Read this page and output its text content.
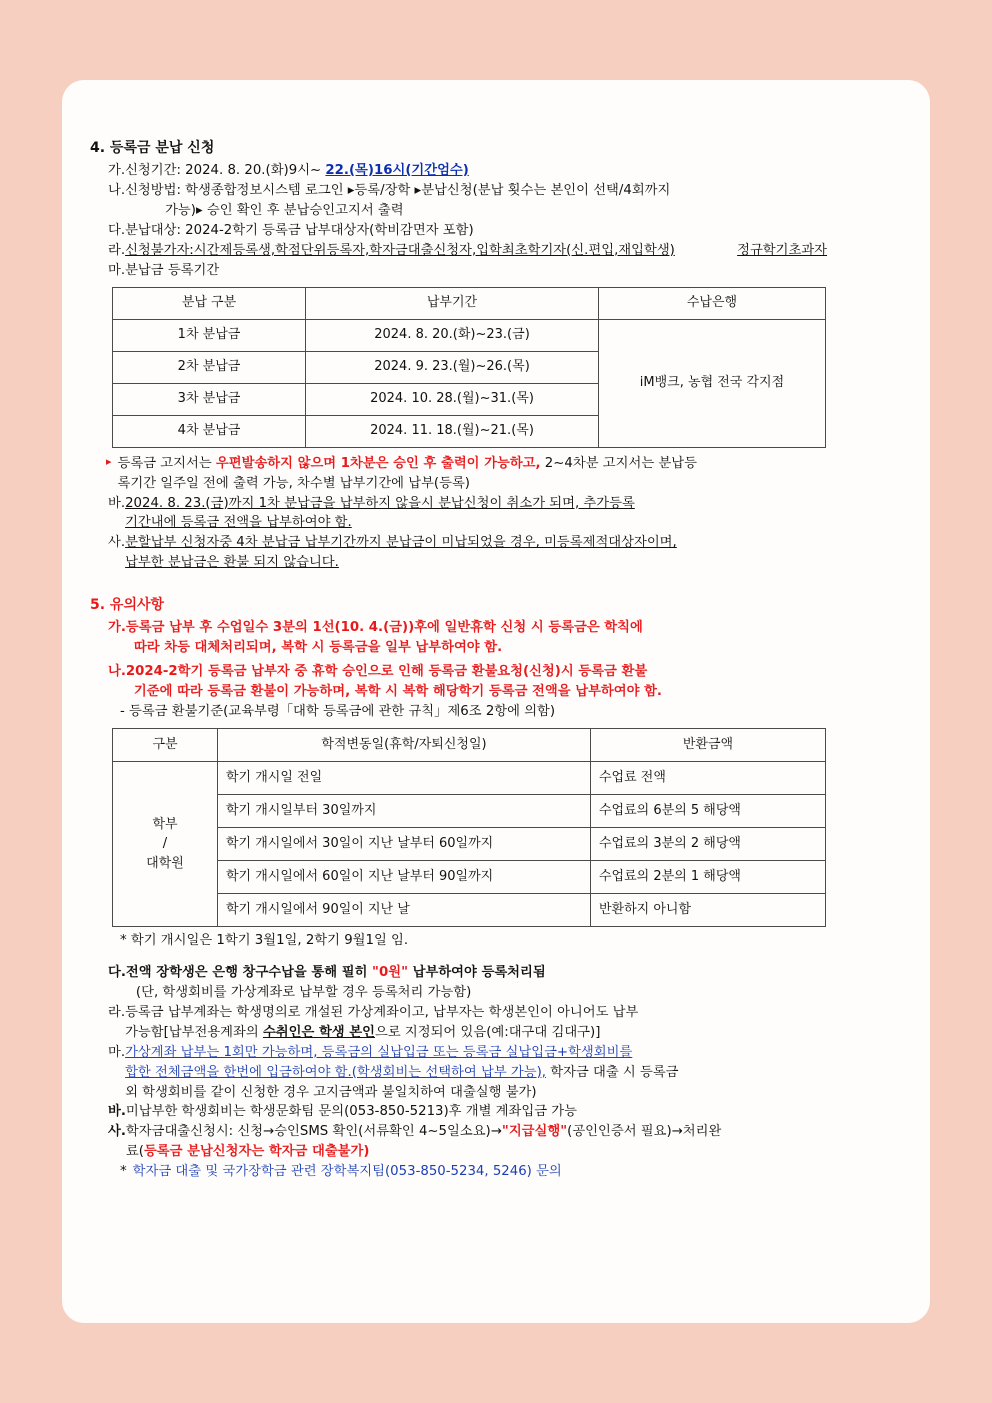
4. 등록금 분납 신청
가. 신청기간: 2024. 8. 20.(화)9시~ 22.(목)16시(기간엄수)
나. 신청방법: 학생종합정보시스템 로그인 ▸등록/장학 ▸분납신청(분납 횟수는 본인이 선택/4회까지
가능)▸ 승인 확인 후 분납승인고지서 출력
다. 분납대상: 2024-2학기 등록금 납부대상자(학비감면자 포함)
라. 신청불가자:시간제등록생,학점단위등록자,학자금대출신청자,입학최초학기자(신.편입,재입학생)	정규학기초과자
마. 분납금 등록기간
분납 구분	납부기간	수납은행
1차 분납금	2024. 8. 20.(화)~23.(금)	iM뱅크, 농협 전국 각지점
2차 분납금	2024. 9. 23.(월)~26.(목)	
3차 분납금	2024. 10. 28.(월)~31.(목)	
4차 분납금	2024. 11. 18.(월)~21.(목)	
▸ 등록금 고지서는 우편발송하지 않으며 1차분은 승인 후 출력이 가능하고, 2~4차분 고지서는 분납등
록기간 일주일 전에 출력 가능, 차수별 납부기간에 납부(등록)
바. 2024. 8. 23.(금)까지 1차 분납금을 납부하지 않을시 분납신청이 취소가 되며, 추가등록
기간내에 등록금 전액을 납부하여야 함.
사. 분할납부 신청자중 4차 분납금 납부기간까지 분납금이 미납되었을 경우, 미등록제적대상자이며,
납부한 분납금은 환불 되지 않습니다.
5. 유의사항
가. 등록금 납부 후 수업일수 3분의 1선(10. 4.(금))후에 일반휴학 신청 시 등록금은 학칙에
따라 차등 대체처리되며, 복학 시 등록금을 일부 납부하여야 함.
나. 2024-2학기 등록금 납부자 중 휴학 승인으로 인해 등록금 환불요청(신청)시 등록금 환불
기준에 따라 등록금 환불이 가능하며, 복학 시 복학 해당학기 등록금 전액을 납부하여야 함.
- 등록금 환불기준(교육부령「대학 등록금에 관한 규칙」제6조 2항에 의함)
구분	학적변동일(휴학/자퇴신청일)	반환금액

학부
/
대학원	학기 개시일 전일	수업료 전액
	학기 개시일부터 30일까지	수업료의 6분의 5 해당액
	학기 개시일에서 30일이 지난 날부터 60일까지	수업료의 3분의 2 해당액
	학기 개시일에서 60일이 지난 날부터 90일까지	수업료의 2분의 1 해당액
	학기 개시일에서 90일이 지난 날	반환하지 아니함
* 학기 개시일은 1학기 3월1일, 2학기 9월1일 임.
다. 전액 장학생은 은행 창구수납을 통해 필히 "0원" 납부하여야 등록처리됨
(단, 학생회비를 가상계좌로 납부할 경우 등록처리 가능함)
라. 등록금 납부계좌는 학생명의로 개설된 가상계좌이고, 납부자는 학생본인이 아니어도 납부
가능함[납부전용계좌의 수취인은 학생 본인으로 지정되어 있음(예:대구대 김대구)]
마. 가상계좌 납부는 1회만 가능하며, 등록금의 실납입금 또는 등록금 실납입금+학생회비를
합한 전체금액을 한번에 입금하여야 함.(학생회비는 선택하여 납부 가능), 학자금 대출 시 등록금
외 학생회비를 같이 신청한 경우 고지금액과 불일치하여 대출실행 불가)
바. 미납부한 학생회비는 학생문화팀 문의(053-850-5213)후 개별 계좌입금 가능
사. 학자금대출신청시: 신청→승인SMS 확인(서류확인 4~5일소요)→"지급실행"(공인인증서 필요)→처리완
료(등록금 분납신청자는 학자금 대출불가)
* 학자금 대출 및 국가장학금 관련 장학복지팀(053-850-5234, 5246) 문의
